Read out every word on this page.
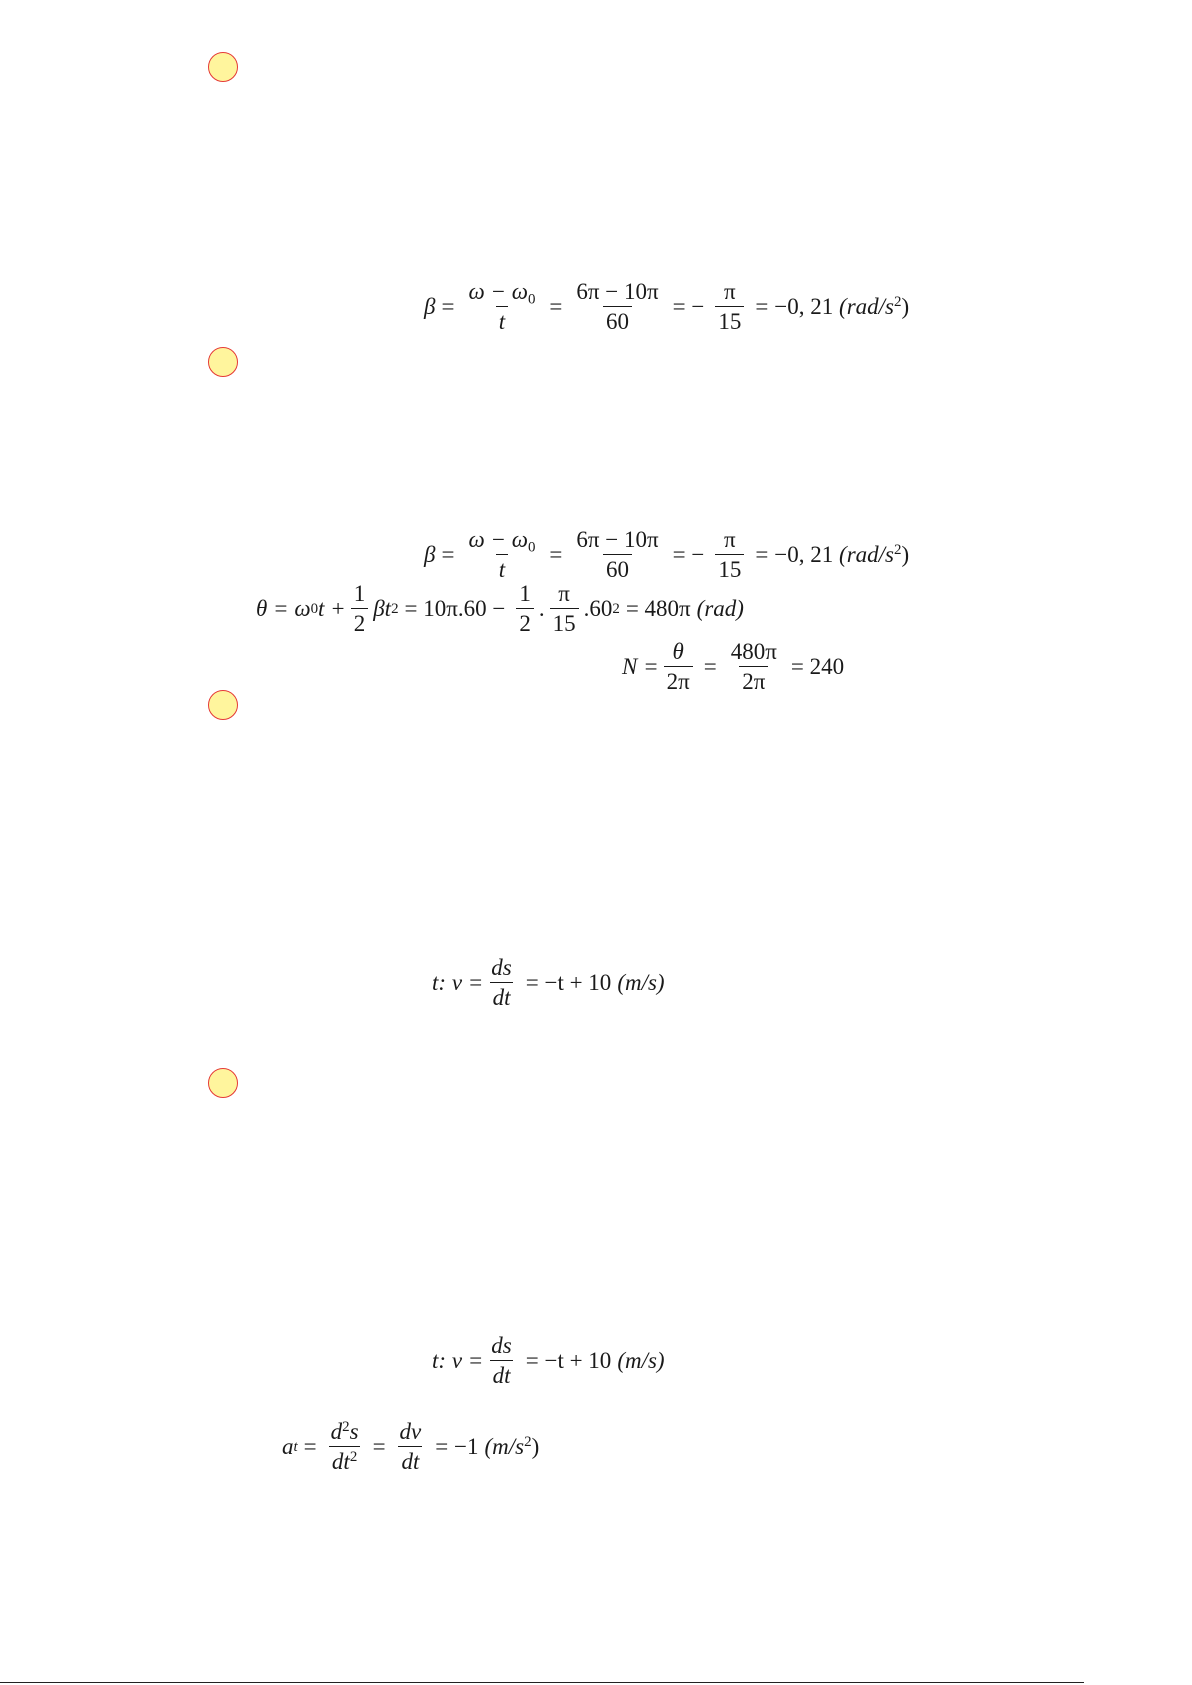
$\beta = \frac{\omega - \omega_0}{t} = \frac{6\pi - 10\pi}{60}$ = − $\frac{\pi}{15} = -0$, 21
$(rad/s^2)$
$\beta = \frac{\omega - \omega_0}{t} = \frac{6\pi - 10\pi}{60}$ = − $\frac{\pi}{15} = -0$, 21
$(rad/s^2)$
θ = ω 0 $t + \frac{1}{2}$ βt $2 = 10\pi.60 - \frac{1}{2}$ . $\frac{\pi}{15} .60$ 2 = 480π (rad)
$N = \frac{\theta}{2\pi} = \frac{480\pi}{2\pi} = 240$
t:
$v = \frac{ds}{dt} = -t + 10$ (m/s)
t:
$v = \frac{ds}{dt} = -t + 10$ (m/s)
a $t = \frac{d^2s}{dt^2} = \frac{dv}{dt} = -1$ $(m/s^2)$
